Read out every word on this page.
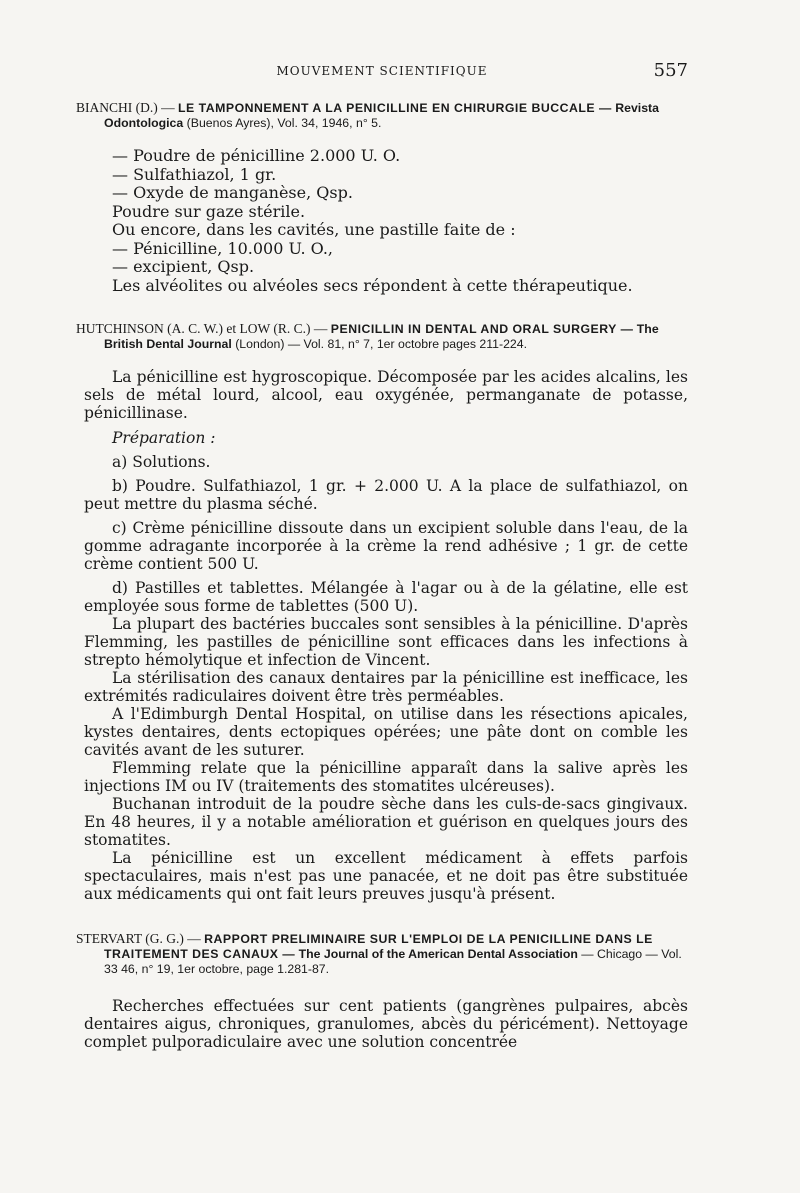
MOUVEMENT SCIENTIFIQUE	557
BIANCHI (D.) — LE TAMPONNEMENT A LA PENICILLINE EN CHIRURGIE BUCCALE — Revista Odontologica (Buenos Ayres), Vol. 34, 1946, n° 5.
— Poudre de pénicilline 2.000 U. O.
— Sulfathiazol, 1 gr.
— Oxyde de manganèse, Qsp.
Poudre sur gaze stérile.
Ou encore, dans les cavités, une pastille faite de :
— Pénicilline, 10.000 U. O.,
— excipient, Qsp.
Les alvéolites ou alvéoles secs répondent à cette thérapeutique.
HUTCHINSON (A. C. W.) et LOW (R. C.) — PENICILLIN IN DENTAL AND ORAL SURGERY — The British Dental Journal (London) — Vol. 81, n° 7, 1er octobre pages 211-224.

La pénicilline est hygroscopique. Décomposée par les acides alcalins, les sels de métal lourd, alcool, eau oxygénée, permanganate de potasse, pénicillinase.

Préparation :

a) Solutions.

b) Poudre. Sulfathiazol, 1 gr. + 2.000 U. A la place de sulfathiazol, on peut mettre du plasma séché.

c) Crème pénicilline dissoute dans un excipient soluble dans l'eau, de la gomme adragante incorporée à la crème la rend adhésive ; 1 gr. de cette crème contient 500 U.

d) Pastilles et tablettes. Mélangée à l'agar ou à de la gélatine, elle est employée sous forme de tablettes (500 U).

La plupart des bactéries buccales sont sensibles à la pénicilline. D'après Flemming, les pastilles de pénicilline sont efficaces dans les infections à strepto hémolytique et infection de Vincent.

La stérilisation des canaux dentaires par la pénicilline est inefficace, les extrémités radiculaires doivent être très perméables.

A l'Edimburgh Dental Hospital, on utilise dans les résections apicales, kystes dentaires, dents ectopiques opérées; une pâte dont on comble les cavités avant de les suturer.

Flemming relate que la pénicilline apparaît dans la salive après les injections IM ou IV (traitements des stomatites ulcéreuses).

Buchanan introduit de la poudre sèche dans les culs-de-sacs gingivaux. En 48 heures, il y a notable amélioration et guérison en quelques jours des stomatites.

La pénicilline est un excellent médicament à effets parfois spectaculaires, mais n'est pas une panacée, et ne doit pas être substituée aux médicaments qui ont fait leurs preuves jusqu'à présent.

STERVART (G. G.) — RAPPORT PRELIMINAIRE SUR L'EMPLOI DE LA PENICILLINE DANS LE TRAITEMENT DES CANAUX — The Journal of the American Dental Association — Chicago — Vol. 33 46, n° 19, 1er octobre, page 1.281-87.

Recherches effectuées sur cent patients (gangrènes pulpaires, abcès dentaires aigus, chroniques, granulomes, abcès du péricément). Nettoyage complet pulporadiculaire avec une solution concentrée
